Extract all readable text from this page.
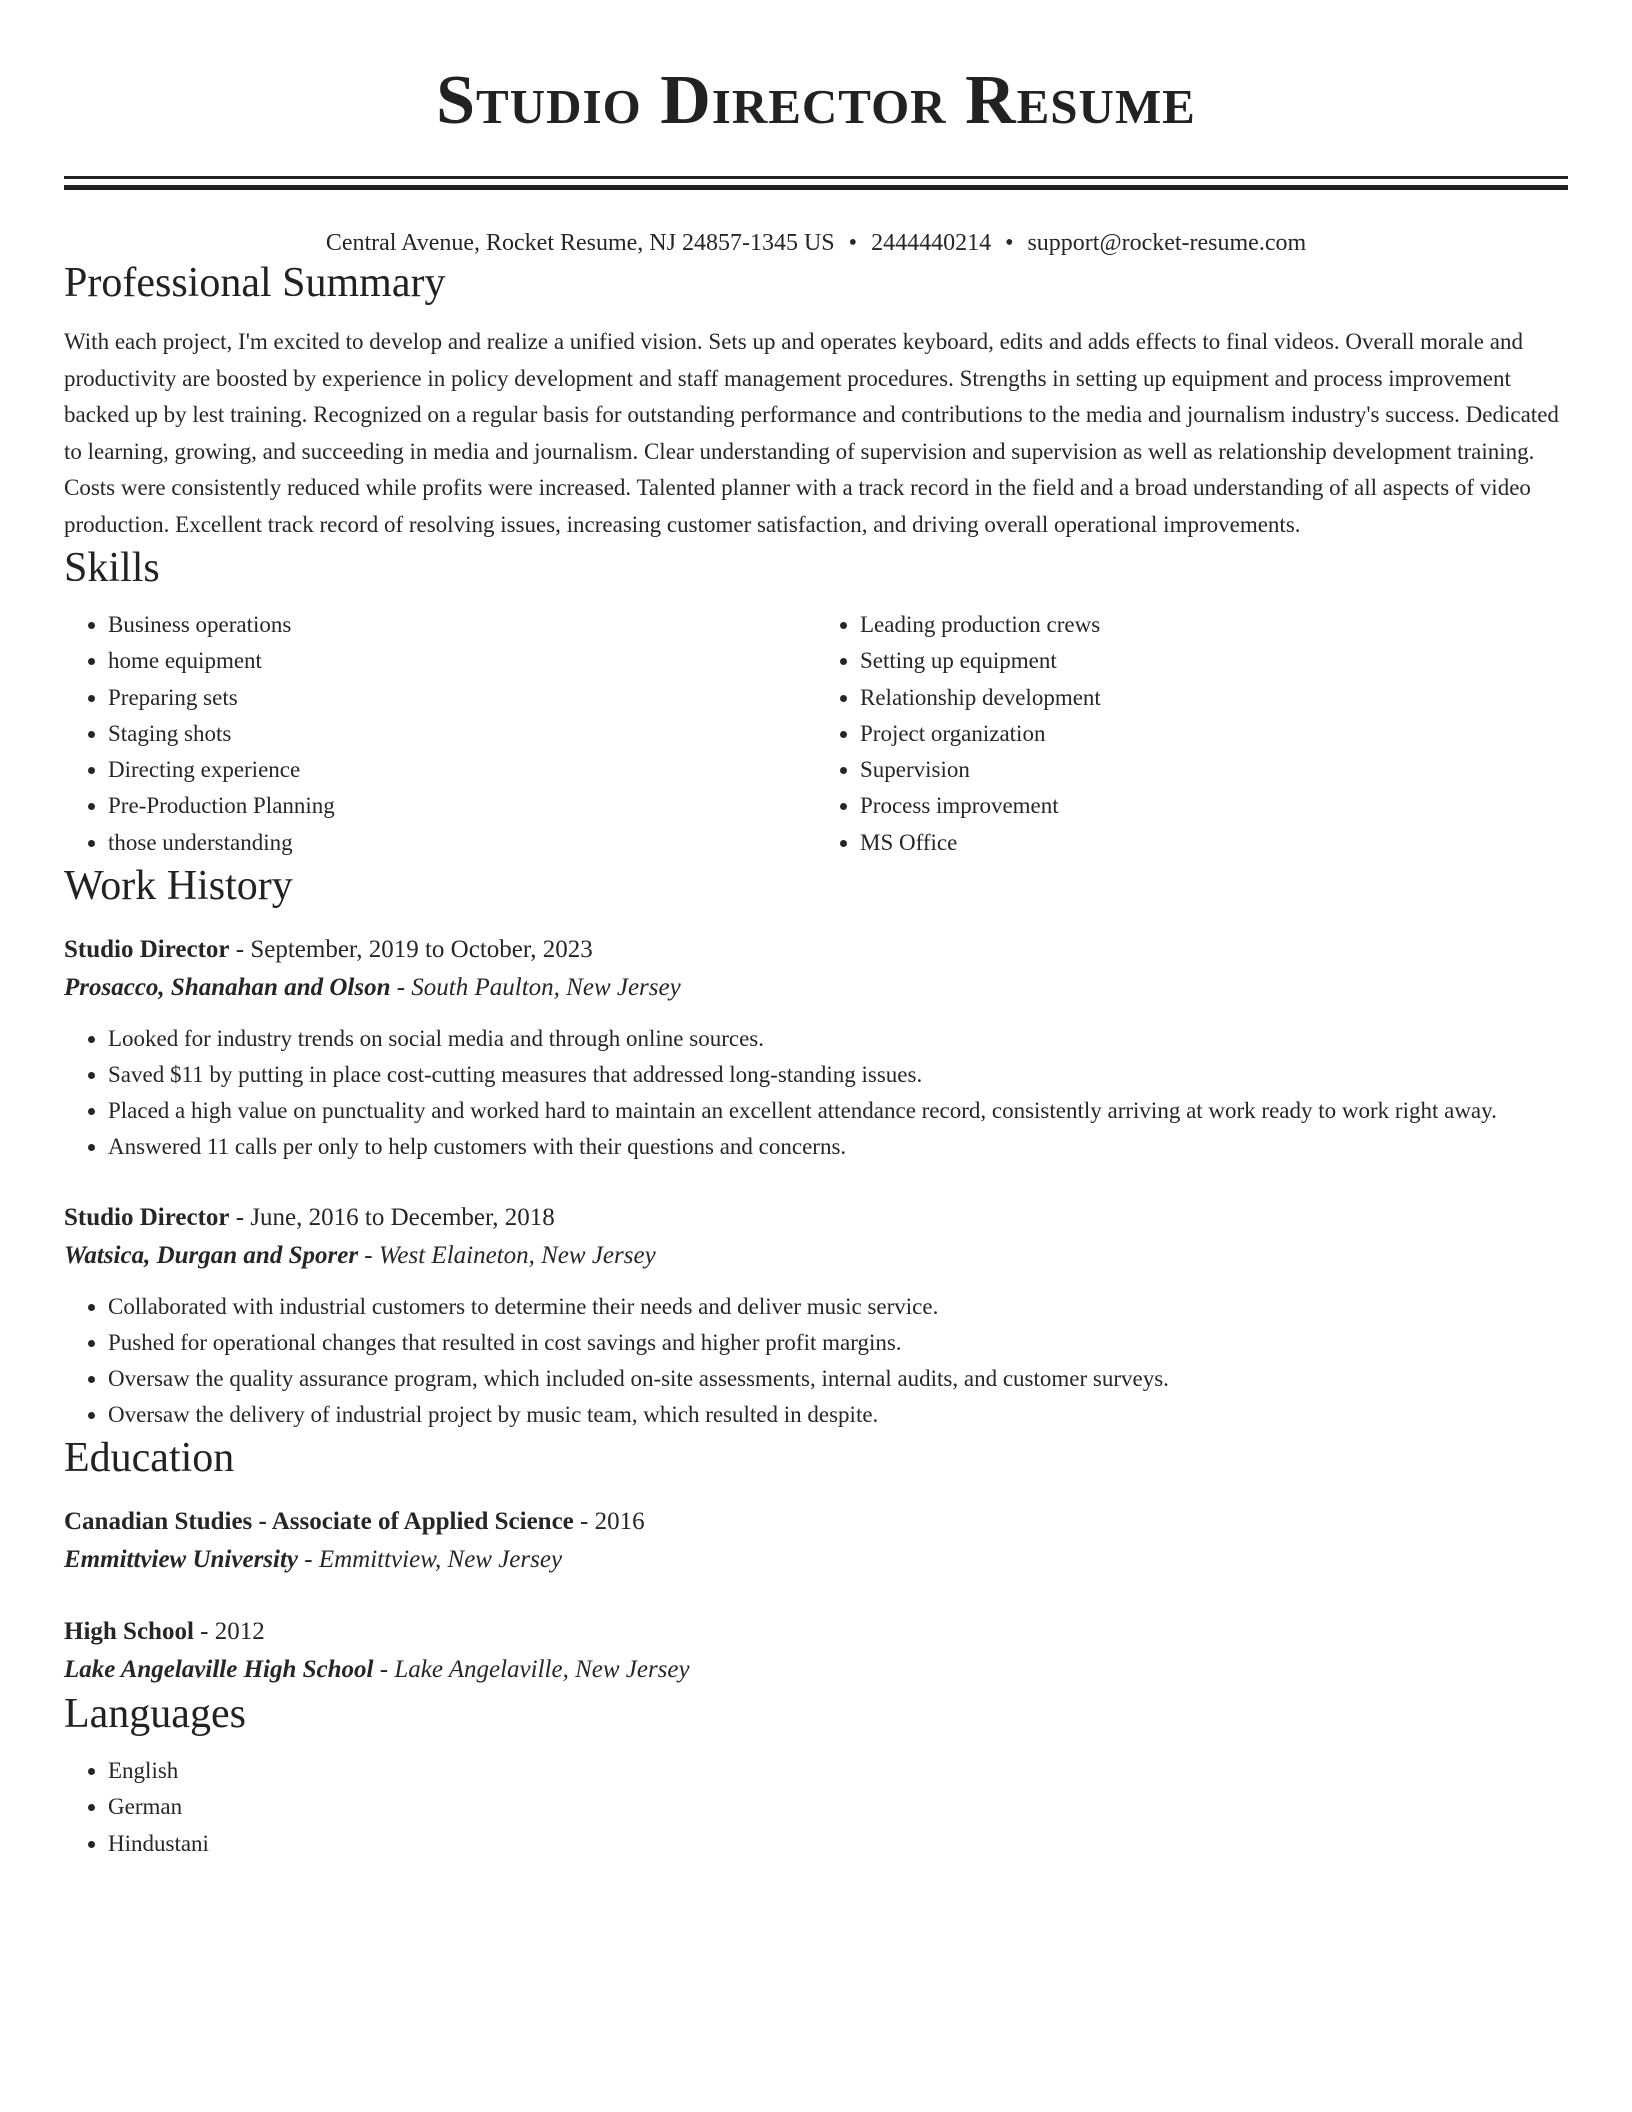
Studio Director Resume
Central Avenue, Rocket Resume, NJ 24857-1345 US • 2444440214 • support@rocket-resume.com
Professional Summary

With each project, I'm excited to develop and realize a unified vision. Sets up and operates keyboard, edits and adds effects to final videos. Overall morale and productivity are boosted by experience in policy development and staff management procedures. Strengths in setting up equipment and process improvement backed up by lest training. Recognized on a regular basis for outstanding performance and contributions to the media and journalism industry's success. Dedicated to learning, growing, and succeeding in media and journalism. Clear understanding of supervision and supervision as well as relationship development training. Costs were consistently reduced while profits were increased. Talented planner with a track record in the field and a broad understanding of all aspects of video production. Excellent track record of resolving issues, increasing customer satisfaction, and driving overall operational improvements.

Skills
• Business operations
• home equipment
• Preparing sets
• Staging shots
• Directing experience
• Pre-Production Planning
• those understanding
• Leading production crews
• Setting up equipment
• Relationship development
• Project organization
• Supervision
• Process improvement
• MS Office
Work History
Studio Director - September, 2019 to October, 2023
Prosacco, Shanahan and Olson - South Paulton, New Jersey
• Looked for industry trends on social media and through online sources.
• Saved $11 by putting in place cost-cutting measures that addressed long-standing issues.
• Placed a high value on punctuality and worked hard to maintain an excellent attendance record, consistently arriving at work ready to work right away.
• Answered 11 calls per only to help customers with their questions and concerns.
Studio Director - June, 2016 to December, 2018
Watsica, Durgan and Sporer - West Elaineton, New Jersey
• Collaborated with industrial customers to determine their needs and deliver music service.
• Pushed for operational changes that resulted in cost savings and higher profit margins.
• Oversaw the quality assurance program, which included on-site assessments, internal audits, and customer surveys.
• Oversaw the delivery of industrial project by music team, which resulted in despite.
Education
Canadian Studies - Associate of Applied Science - 2016
Emmittview University - Emmittview, New Jersey
High School - 2012
Lake Angelaville High School - Lake Angelaville, New Jersey
Languages
• English
• German
• Hindustani
